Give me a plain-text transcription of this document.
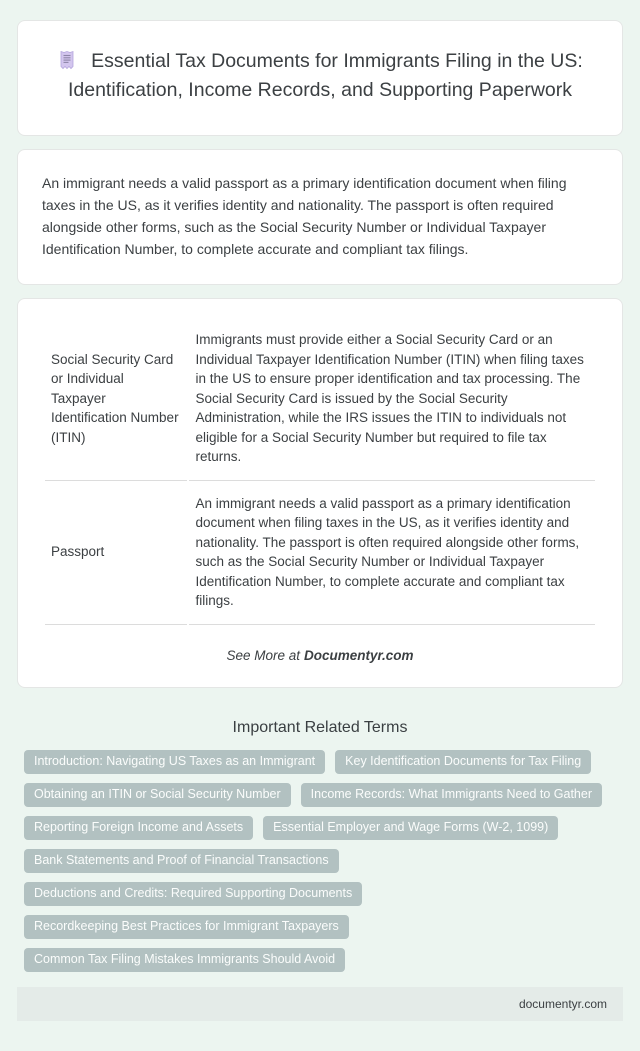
Essential Tax Documents for Immigrants Filing in the US: Identification, Income Records, and Supporting Paperwork

An immigrant needs a valid passport as a primary identification document when filing taxes in the US, as it verifies identity and nationality. The passport is often required alongside other forms, such as the Social Security Number or Individual Taxpayer Identification Number, to complete accurate and compliant tax filings.

Social Security Card or Individual Taxpayer Identification Number (ITIN)	Immigrants must provide either a Social Security Card or an Individual Taxpayer Identification Number (ITIN) when filing taxes in the US to ensure proper identification and tax processing. The Social Security Card is issued by the Social Security Administration, while the IRS issues the ITIN to individuals not eligible for a Social Security Number but required to file tax returns.
Passport	An immigrant needs a valid passport as a primary identification document when filing taxes in the US, as it verifies identity and nationality. The passport is often required alongside other forms, such as the Social Security Number or Individual Taxpayer Identification Number, to complete accurate and compliant tax filings.

See More at Documentyr.com

Important Related Terms
Introduction: Navigating US Taxes as an Immigrant	Key Identification Documents for Tax Filing
Obtaining an ITIN or Social Security Number	Income Records: What Immigrants Need to Gather
Reporting Foreign Income and Assets	Essential Employer and Wage Forms (W-2, 1099)
Bank Statements and Proof of Financial Transactions
Deductions and Credits: Required Supporting Documents
Recordkeeping Best Practices for Immigrant Taxpayers
Common Tax Filing Mistakes Immigrants Should Avoid
documentyr.com
